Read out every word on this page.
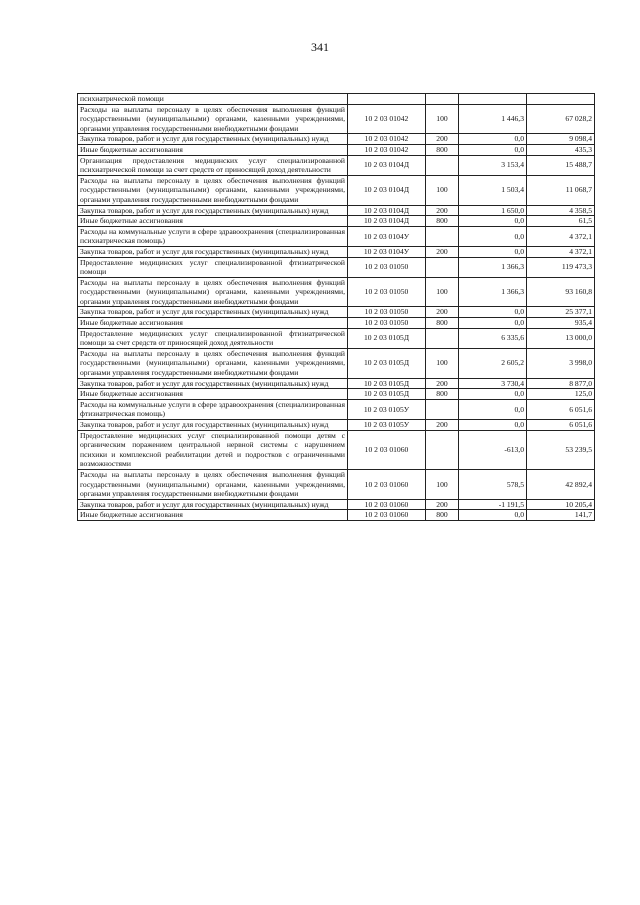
341
психиатрической помощи				
Расходы на выплаты персоналу в целях обеспечения выполнения функций государственными (муниципальными) органами, казенными учреждениями, органами управления государственными внебюджетными фондами	10 2 03 01042	100	1 446,3	67 028,2
Закупка товаров, работ и услуг для государственных (муниципальных) нужд	10 2 03 01042	200	0,0	9 098,4
Иные бюджетные ассигнования	10 2 03 01042	800	0,0	435,3
Организация предоставления медицинских услуг специализированной психиатрической помощи за счет средств от приносящей доход деятельности	10 2 03 0104Д		3 153,4	15 488,7
Расходы на выплаты персоналу в целях обеспечения выполнения функций государственными (муниципальными) органами, казенными учреждениями, органами управления государственными внебюджетными фондами	10 2 03 0104Д	100	1 503,4	11 068,7
Закупка товаров, работ и услуг для государственных (муниципальных) нужд	10 2 03 0104Д	200	1 650,0	4 358,5
Иные бюджетные ассигнования	10 2 03 0104Д	800	0,0	61,5
Расходы на коммунальные услуги в сфере здравоохранения (специализированная психиатрическая помощь)	10 2 03 0104У		0,0	4 372,1
Закупка товаров, работ и услуг для государственных (муниципальных) нужд	10 2 03 0104У	200	0,0	4 372,1
Предоставление медицинских услуг специализированной фтизиатрической помощи	10 2 03 01050		1 366,3	119 473,3
Расходы на выплаты персоналу в целях обеспечения выполнения функций государственными (муниципальными) органами, казенными учреждениями, органами управления государственными внебюджетными фондами	10 2 03 01050	100	1 366,3	93 160,8
Закупка товаров, работ и услуг для государственных (муниципальных) нужд	10 2 03 01050	200	0,0	25 377,1
Иные бюджетные ассигнования	10 2 03 01050	800	0,0	935,4
Предоставление медицинских услуг специализированной фтизиатрической помощи за счет средств от приносящей доход деятельности	10 2 03 0105Д		6 335,6	13 000,0
Расходы на выплаты персоналу в целях обеспечения выполнения функций государственными (муниципальными) органами, казенными учреждениями, органами управления государственными внебюджетными фондами	10 2 03 0105Д	100	2 605,2	3 998,0
Закупка товаров, работ и услуг для государственных (муниципальных) нужд	10 2 03 0105Д	200	3 730,4	8 877,0
Иные бюджетные ассигнования	10 2 03 0105Д	800	0,0	125,0
Расходы на коммунальные услуги в сфере здравоохранения (специализированная фтизиатрическая помощь)	10 2 03 0105У		0,0	6 051,6
Закупка товаров, работ и услуг для государственных (муниципальных) нужд	10 2 03 0105У	200	0,0	6 051,6
Предоставление медицинских услуг специализированной помощи детям с органическим поражением центральной нервной системы с нарушением психики и комплексной реабилитации детей и подростков с ограниченными возможностями	10 2 03 01060		-613,0	53 239,5
Расходы на выплаты персоналу в целях обеспечения выполнения функций государственными (муниципальными) органами, казенными учреждениями, органами управления государственными внебюджетными фондами	10 2 03 01060	100	578,5	42 892,4
Закупка товаров, работ и услуг для государственных (муниципальных) нужд	10 2 03 01060	200	-1 191,5	10 205,4
Иные бюджетные ассигнования	10 2 03 01060	800	0,0	141,7
